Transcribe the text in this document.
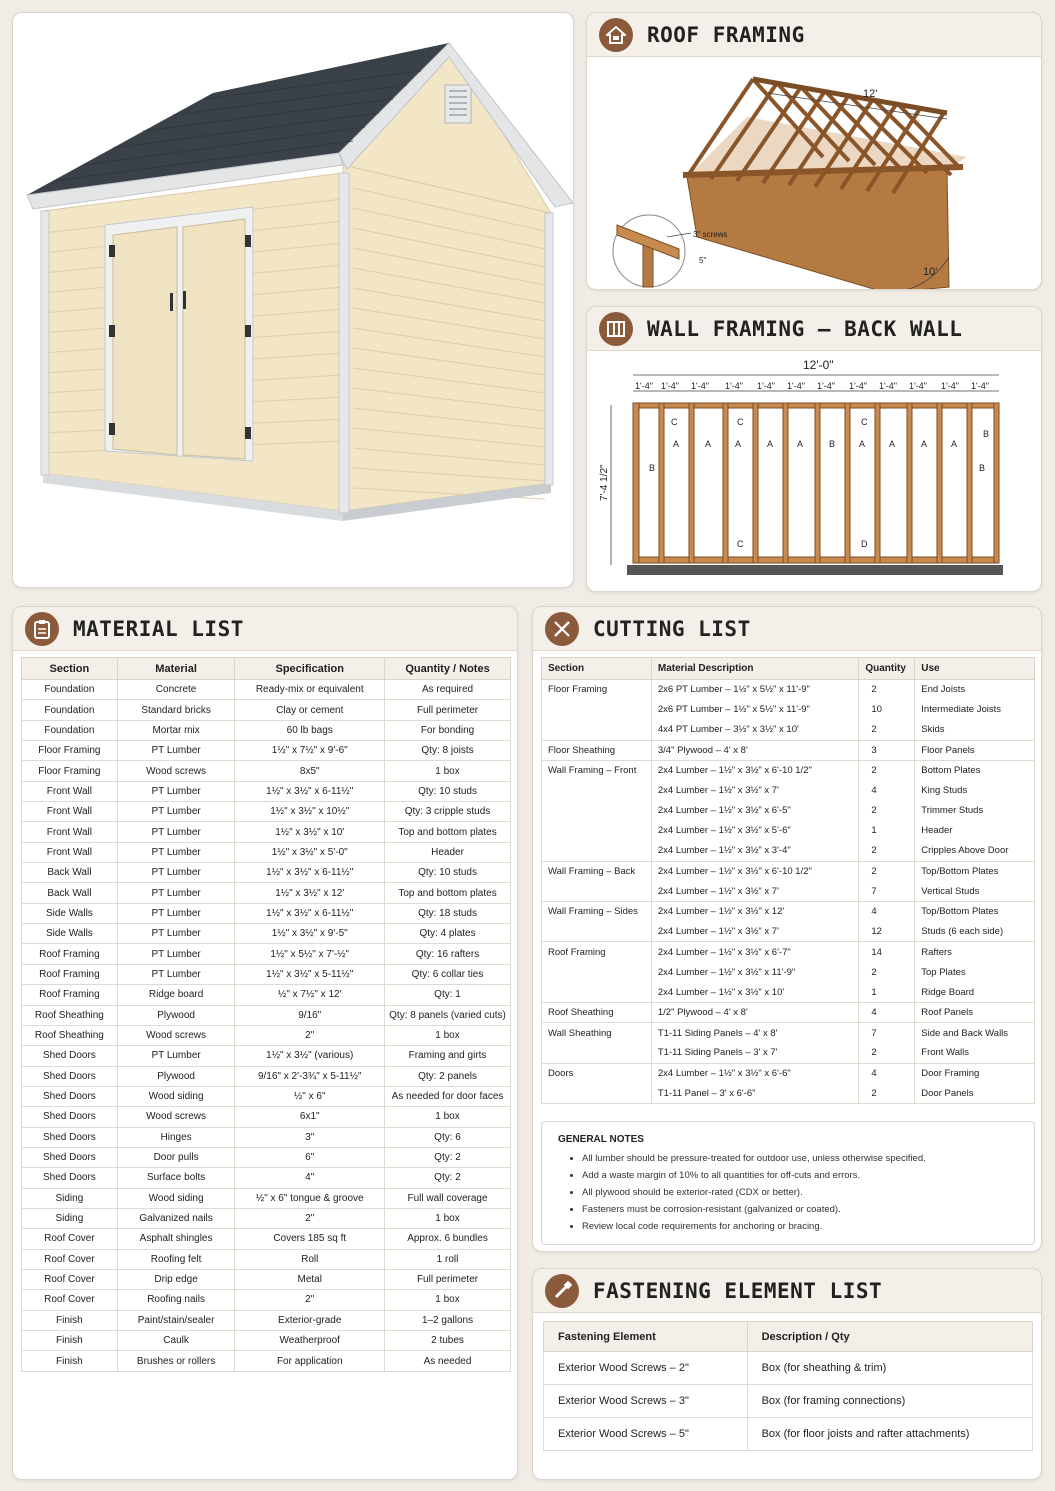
ROOF FRAMING
12'
10'
3" screws
5"
WALL FRAMING – BACK WALL
12'-0"
1'-4" 1'-4" 1'-4" 1'-4" 1'-4" 1'-4" 1'-4" 1'-4" 1'-4" 1'-4" 1'-4" 1'-4"
7'-4 1/2"
C	C	C
A	A	A	A	A	B	A	A	A	A
B
B	B
C	D
MATERIAL LIST
Section	Material	Specification	Quantity / Notes
Foundation	Concrete	Ready-mix or equivalent	As required
Foundation	Standard bricks	Clay or cement	Full perimeter
Foundation	Mortar mix	60 lb bags	For bonding
Floor Framing	PT Lumber	1½" x 7½" x 9'-6"	Qty: 8 joists
Floor Framing	Wood screws	8x5"	1 box
Front Wall	PT Lumber	1½" x 3½" x 6-11½"	Qty: 10 studs
Front Wall	PT Lumber	1½" x 3½" x 10½"	Qty: 3 cripple studs
Front Wall	PT Lumber	1½" x 3½" x 10'	Top and bottom plates
Front Wall	PT Lumber	1½" x 3½" x 5'-0"	Header
Back Wall	PT Lumber	1½" x 3½" x 6-11½"	Qty: 10 studs
Back Wall	PT Lumber	1½" x 3½" x 12'	Top and bottom plates
Side Walls	PT Lumber	1½" x 3½" x 6-11½"	Qty: 18 studs
Side Walls	PT Lumber	1½" x 3½" x 9'-5"	Qty: 4 plates
Roof Framing	PT Lumber	1½" x 5½" x 7'-½"	Qty: 16 rafters
Roof Framing	PT Lumber	1½" x 3½" x 5-11½"	Qty: 6 collar ties
Roof Framing	Ridge board	½" x 7½" x 12'	Qty: 1
Roof Sheathing	Plywood	9/16"	Qty: 8 panels (varied cuts)
Roof Sheathing	Wood screws	2"	1 box
Shed Doors	PT Lumber	1½" x 3½" (various)	Framing and girts
Shed Doors	Plywood	9/16" x 2'-3¾" x 5-11½"	Qty: 2 panels
Shed Doors	Wood siding	½" x 6"	As needed for door faces
Shed Doors	Wood screws	6x1"	1 box
Shed Doors	Hinges	3"	Qty: 6
Shed Doors	Door pulls	6"	Qty: 2
Shed Doors	Surface bolts	4"	Qty: 2
Siding	Wood siding	½" x 6" tongue & groove	Full wall coverage
Siding	Galvanized nails	2"	1 box
Roof Cover	Asphalt shingles	Covers 185 sq ft	Approx. 6 bundles
Roof Cover	Roofing felt	Roll	1 roll
Roof Cover	Drip edge	Metal	Full perimeter
Roof Cover	Roofing nails	2"	1 box
Finish	Paint/stain/sealer	Exterior-grade	1–2 gallons
Finish	Caulk	Weatherproof	2 tubes
Finish	Brushes or rollers	For application	As needed
CUTTING LIST
Section	Material Description	Quantity	Use
Floor Framing	2x6 PT Lumber – 1½" x 5½" x 11'-9"	2	End Joists
	2x6 PT Lumber – 1½" x 5½" x 11'-9"	10	Intermediate Joists
	4x4 PT Lumber – 3½" x 3½" x 10'	2	Skids
Floor Sheathing	3/4" Plywood – 4' x 8'	3	Floor Panels
Wall Framing – Front	2x4 Lumber – 1½" x 3½" x 6'-10 1/2"	2	Bottom Plates
	2x4 Lumber – 1½" x 3½" x 7'	4	King Studs
	2x4 Lumber – 1½" x 3½" x 6'-5"	2	Trimmer Studs
	2x4 Lumber – 1½" x 3½" x 5'-6"	1	Header
	2x4 Lumber – 1½" x 3½" x 3'-4"	2	Cripples Above Door
Wall Framing – Back	2x4 Lumber – 1½" x 3½" x 6'-10 1/2"	2	Top/Bottom Plates
	2x4 Lumber – 1½" x 3½" x 7'	7	Vertical Studs
Wall Framing – Sides	2x4 Lumber – 1½" x 3½" x 12'	4	Top/Bottom Plates
	2x4 Lumber – 1½" x 3½" x 7'	12	Studs (6 each side)
Roof Framing	2x4 Lumber – 1½" x 3½" x 6'-7"	14	Rafters
	2x4 Lumber – 1½" x 3½" x 11'-9"	2	Top Plates
	2x4 Lumber – 1½" x 3½" x 10'	1	Ridge Board
Roof Sheathing	1/2" Plywood – 4' x 8'	4	Roof Panels
Wall Sheathing	T1-11 Siding Panels – 4' x 8'	7	Side and Back Walls
	T1-11 Siding Panels – 3' x 7'	2	Front Walls
Doors	2x4 Lumber – 1½" x 3½" x 6'-6"	4	Door Framing
	T1-11 Panel – 3' x 6'-6"	2	Door Panels
GENERAL NOTES
• All lumber should be pressure-treated for outdoor use, unless otherwise specified.
• Add a waste margin of 10% to all quantities for off-cuts and errors.
• All plywood should be exterior-rated (CDX or better).
• Fasteners must be corrosion-resistant (galvanized or coated).
• Review local code requirements for anchoring or bracing.
FASTENING ELEMENT LIST
Fastening Element	Description / Qty
Exterior Wood Screws – 2"	Box (for sheathing & trim)
Exterior Wood Screws – 3"	Box (for framing connections)
Exterior Wood Screws – 5"	Box (for floor joists and rafter attachments)
